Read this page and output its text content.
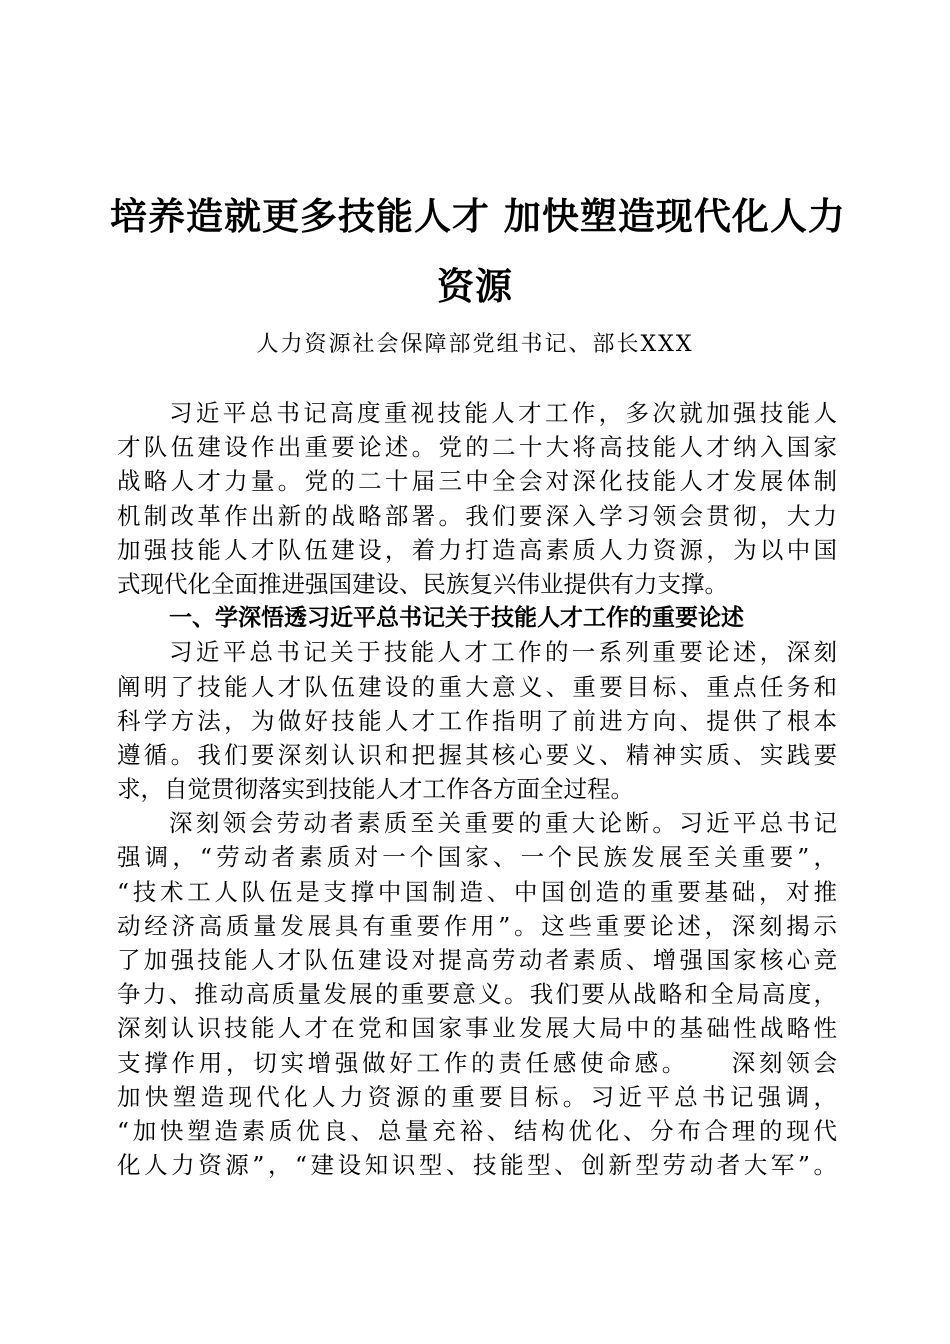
培养造就更多技能人才 加快塑造现代化人力
资源
人力资源社会保障部党组书记、部长XXX
习近平总书记高度重视技能人才工作，多次就加强技能人
才队伍建设作出重要论述。党的二十大将高技能人才纳入国家
战略人才力量。党的二十届三中全会对深化技能人才发展体制
机制改革作出新的战略部署。我们要深入学习领会贯彻，大力
加强技能人才队伍建设，着力打造高素质人力资源，为以中国
式现代化全面推进强国建设、民族复兴伟业提供有力支撑。
一、学深悟透习近平总书记关于技能人才工作的重要论述
习近平总书记关于技能人才工作的一系列重要论述，深刻
阐明了技能人才队伍建设的重大意义、重要目标、重点任务和
科学方法，为做好技能人才工作指明了前进方向、提供了根本
遵循。我们要深刻认识和把握其核心要义、精神实质、实践要
求，自觉贯彻落实到技能人才工作各方面全过程。
深刻领会劳动者素质至关重要的重大论断。习近平总书记
强调，“劳动者素质对一个国家、一个民族发展至关重要”，
“技术工人队伍是支撑中国制造、中国创造的重要基础，对推
动经济高质量发展具有重要作用”。这些重要论述，深刻揭示
了加强技能人才队伍建设对提高劳动者素质、增强国家核心竞
争力、推动高质量发展的重要意义。我们要从战略和全局高度，
深刻认识技能人才在党和国家事业发展大局中的基础性战略性
支撑作用，切实增强做好工作的责任感使命感。　　深刻领会
加快塑造现代化人力资源的重要目标。习近平总书记强调，
“加快塑造素质优良、总量充裕、结构优化、分布合理的现代
化人力资源”，“建设知识型、技能型、创新型劳动者大军”。
